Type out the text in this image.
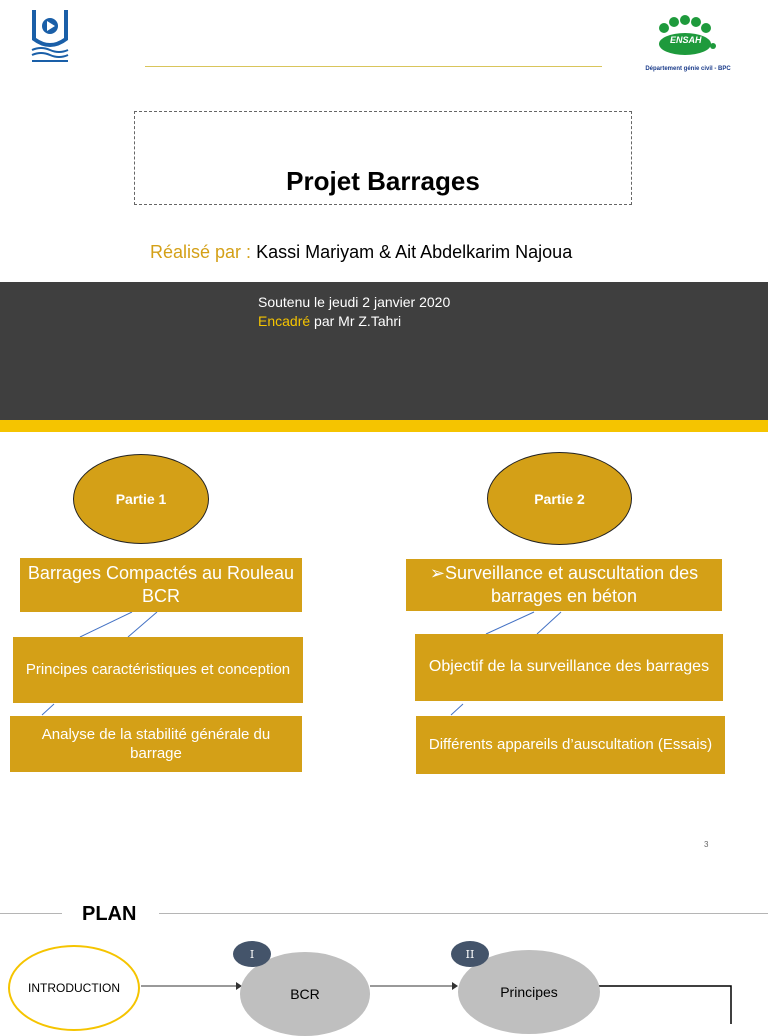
ENSAH
Département génie civil - BPC
Projet Barrages
Réalisé par : Kassi Mariyam & Ait Abdelkarim Najoua
Soutenu le jeudi 2 janvier 2020
Encadré par Mr Z.Tahri
Partie 1
Barrages Compactés au Rouleau BCR
Principes caractéristiques et conception
Analyse de la stabilité générale du barrage
Partie 2
➢Surveillance et auscultation des barrages en béton
Objectif de la surveillance des barrages
Différents appareils d’auscultation (Essais)
3
PLAN
INTRODUCTION	BCR
I
Principes
II
